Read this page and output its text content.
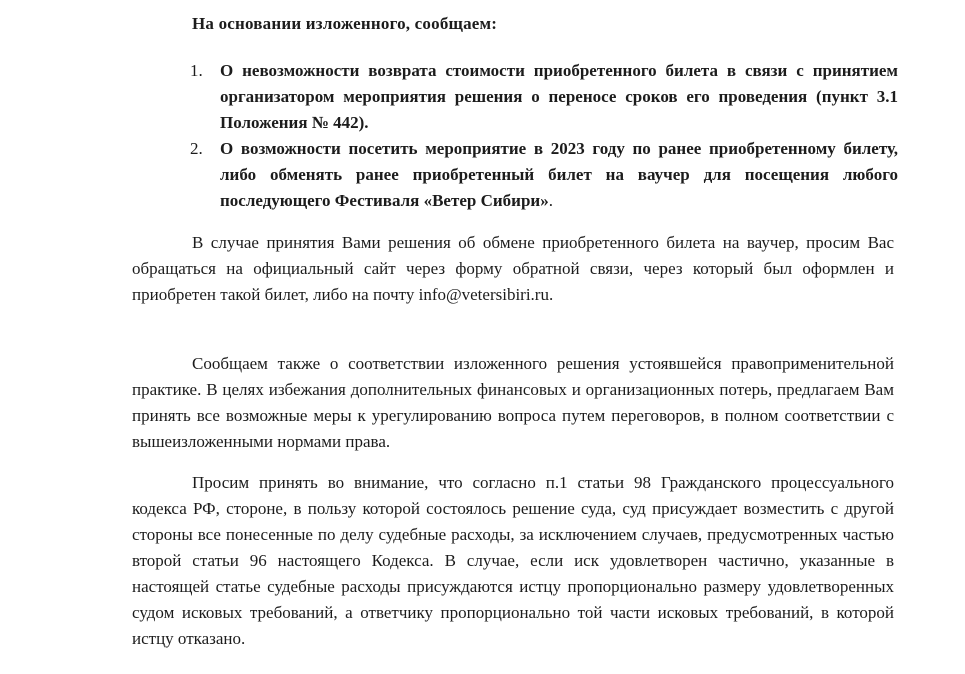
На основании изложенного, сообщаем:
1. О невозможности возврата стоимости приобретенного билета в связи с принятием организатором мероприятия решения о переносе сроков его проведения (пункт 3.1 Положения № 442).
2. О возможности посетить мероприятие в 2023 году по ранее приобретенному билету, либо обменять ранее приобретенный билет на ваучер для посещения любого последующего Фестиваля «Ветер Сибири».

В случае принятия Вами решения об обмене приобретенного билета на ваучер, просим Вас обращаться на официальный сайт через форму обратной связи, через который был оформлен и приобретен такой билет, либо на почту info@vetersibiri.ru.

Сообщаем также о соответствии изложенного решения устоявшейся правоприменительной практике. В целях избежания дополнительных финансовых и организационных потерь, предлагаем Вам принять все возможные меры к урегулированию вопроса путем переговоров, в полном соответствии с вышеизложенными нормами права.

Просим принять во внимание, что согласно п.1 статьи 98 Гражданского процессуального кодекса РФ, стороне, в пользу которой состоялось решение суда, суд присуждает возместить с другой стороны все понесенные по делу судебные расходы, за исключением случаев, предусмотренных частью второй статьи 96 настоящего Кодекса. В случае, если иск удовлетворен частично, указанные в настоящей статье судебные расходы присуждаются истцу пропорционально размеру удовлетворенных судом исковых требований, а ответчику пропорционально той части исковых требований, в которой истцу отказано.
